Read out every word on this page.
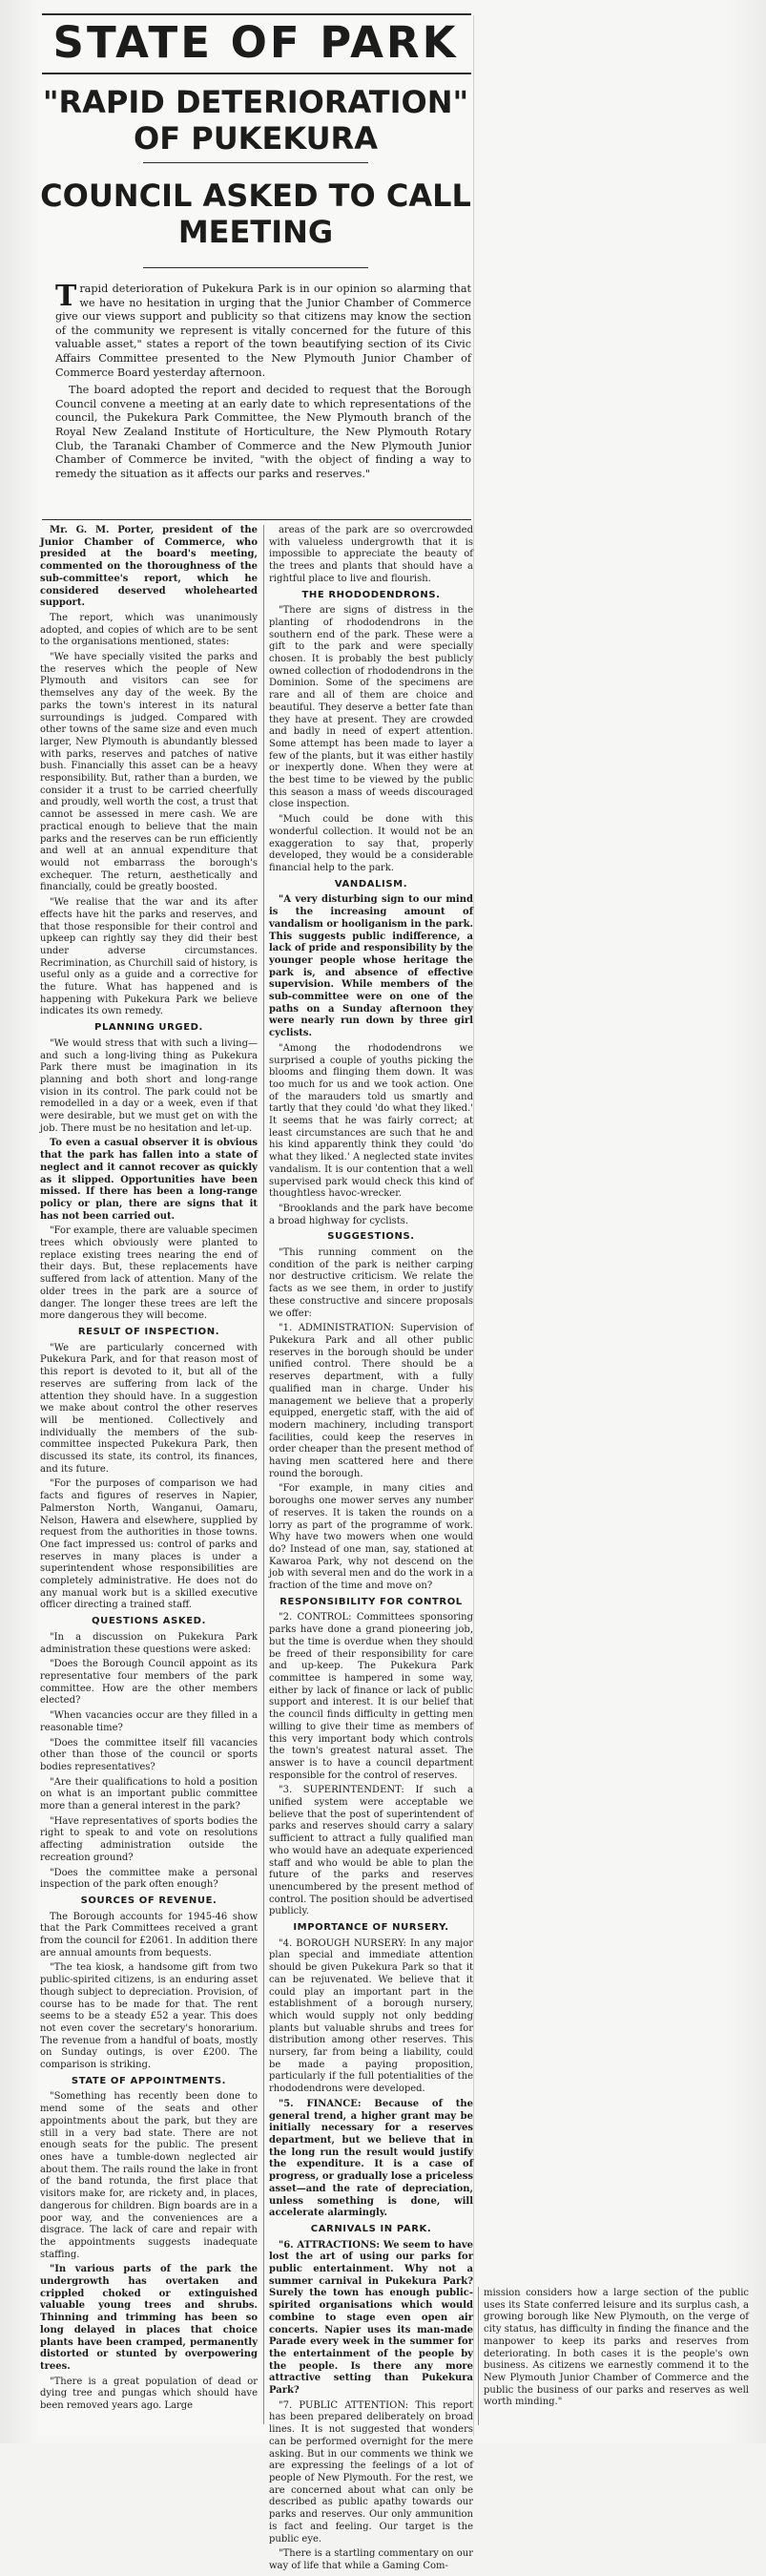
STATE OF PARK
"RAPID DETERIORATION" OF PUKEKURA
COUNCIL ASKED TO CALL MEETING

Trapid deterioration of Pukekura Park is in our opinion so alarming that we have no hesitation in urging that the Junior Chamber of Commerce give our views support and publicity so that citizens may know the section of the community we represent is vitally concerned for the future of this valuable asset," states a report of the town beautifying section of its Civic Affairs Committee presented to the New Plymouth Junior Chamber of Commerce Board yesterday afternoon.

The board adopted the report and decided to request that the Borough Council convene a meeting at an early date to which representations of the council, the Pukekura Park Committee, the New Plymouth branch of the Royal New Zealand Institute of Horticulture, the New Plymouth Rotary Club, the Taranaki Chamber of Commerce and the New Plymouth Junior Chamber of Commerce be invited, "with the object of finding a way to remedy the situation as it affects our parks and reserves."

Mr. G. M. Porter, president of the Junior Chamber of Commerce, who presided at the board's meeting, commented on the thoroughness of the sub-committee's report, which he considered deserved wholehearted support.

The report, which was unanimously adopted, and copies of which are to be sent to the organisations mentioned, states:

"We have specially visited the parks and the reserves which the people of New Plymouth and visitors can see for themselves any day of the week. By the parks the town's interest in its natural surroundings is judged. Compared with other towns of the same size and even much larger, New Plymouth is abundantly blessed with parks, reserves and patches of native bush. Financially this asset can be a heavy responsibility. But, rather than a burden, we consider it a trust to be carried cheerfully and proudly, well worth the cost, a trust that cannot be assessed in mere cash. We are practical enough to believe that the main parks and the reserves can be run efficiently and well at an annual expenditure that would not embarrass the borough's exchequer. The return, aesthetically and financially, could be greatly boosted.

"We realise that the war and its after effects have hit the parks and reserves, and that those responsible for their control and upkeep can rightly say they did their best under adverse circumstances. Recrimination, as Churchill said of history, is useful only as a guide and a corrective for the future. What has happened and is happening with Pukekura Park we believe indicates its own remedy.

PLANNING URGED.

"We would stress that with such a living—and such a long-living thing as Pukekura Park there must be imagination in its planning and both short and long-range vision in its control. The park could not be remodelled in a day or a week, even if that were desirable, but we must get on with the job. There must be no hesitation and let-up.

To even a casual observer it is obvious that the park has fallen into a state of neglect and it cannot recover as quickly as it slipped. Opportunities have been missed. If there has been a long-range policy or plan, there are signs that it has not been carried out.

"For example, there are valuable specimen trees which obviously were planted to replace existing trees nearing the end of their days. But, these replacements have suffered from lack of attention. Many of the older trees in the park are a source of danger. The longer these trees are left the more dangerous they will become.

RESULT OF INSPECTION.

"We are particularly concerned with Pukekura Park, and for that reason most of this report is devoted to it, but all of the reserves are suffering from lack of the attention they should have. In a suggestion we make about control the other reserves will be mentioned. Collectively and individually the members of the sub-committee inspected Pukekura Park, then discussed its state, its control, its finances, and its future.

"For the purposes of comparison we had facts and figures of reserves in Napier, Palmerston North, Wanganui, Oamaru, Nelson, Hawera and elsewhere, supplied by request from the authorities in those towns. One fact impressed us: control of parks and reserves in many places is under a superintendent whose responsibilities are completely administrative. He does not do any manual work but is a skilled executive officer directing a trained staff.

QUESTIONS ASKED.

"In a discussion on Pukekura Park administration these questions were asked:

"Does the Borough Council appoint as its representative four members of the park committee. How are the other members elected?

"When vacancies occur are they filled in a reasonable time?

"Does the committee itself fill vacancies other than those of the council or sports bodies representatives?

"Are their qualifications to hold a position on what is an important public committee more than a general interest in the park?

"Have representatives of sports bodies the right to speak to and vote on resolutions affecting administration outside the recreation ground?

"Does the committee make a personal inspection of the park often enough?

SOURCES OF REVENUE.

The Borough accounts for 1945-46 show that the Park Committees received a grant from the council for £2061. In addition there are annual amounts from bequests.

"The tea kiosk, a handsome gift from two public-spirited citizens, is an enduring asset though subject to depreciation. Provision, of course has to be made for that. The rent seems to be a steady £52 a year. This does not even cover the secretary's honorarium. The revenue from a handful of boats, mostly on Sunday outings, is over £200. The comparison is striking.

STATE OF APPOINTMENTS.

"Something has recently been done to mend some of the seats and other appointments about the park, but they are still in a very bad state. There are not enough seats for the public. The present ones have a tumble-down neglected air about them. The rails round the lake in front of the band rotunda, the first place that visitors make for, are rickety and, in places, dangerous for children. Bign boards are in a poor way, and the conveniences are a disgrace. The lack of care and repair with the appointments suggests inadequate staffing.

"In various parts of the park the undergrowth has overtaken and crippled choked or extinguished valuable young trees and shrubs. Thinning and trimming has been so long delayed in places that choice plants have been cramped, permanently distorted or stunted by overpowering trees.

"There is a great population of dead or dying tree and pungas which should have been removed years ago. Large

areas of the park are so overcrowded with valueless undergrowth that it is impossible to appreciate the beauty of the trees and plants that should have a rightful place to live and flourish.

THE RHODODENDRONS.

"There are signs of distress in the planting of rhododendrons in the southern end of the park. These were a gift to the park and were specially chosen. It is probably the best publicly owned collection of rhododendrons in the Dominion. Some of the specimens are rare and all of them are choice and beautiful. They deserve a better fate than they have at present. They are crowded and badly in need of expert attention. Some attempt has been made to layer a few of the plants, but it was either hastily or inexpertly done. When they were at the best time to be viewed by the public this season a mass of weeds discouraged close inspection.

"Much could be done with this wonderful collection. It would not be an exaggeration to say that, properly developed, they would be a considerable financial help to the park.

VANDALISM.

"A very disturbing sign to our mind is the increasing amount of vandalism or hooliganism in the park. This suggests public indifference, a lack of pride and responsibility by the younger people whose heritage the park is, and absence of effective supervision. While members of the sub-committee were on one of the paths on a Sunday afternoon they were nearly run down by three girl cyclists.

"Among the rhododendrons we surprised a couple of youths picking the blooms and flinging them down. It was too much for us and we took action. One of the marauders told us smartly and tartly that they could 'do what they liked.' It seems that he was fairly correct; at least circumstances are such that he and his kind apparently think they could 'do what they liked.' A neglected state invites vandalism. It is our contention that a well supervised park would check this kind of thoughtless havoc-wrecker.

"Brooklands and the park have become a broad highway for cyclists.

SUGGESTIONS.

"This running comment on the condition of the park is neither carping nor destructive criticism. We relate the facts as we see them, in order to justify these constructive and sincere proposals we offer:

"1. ADMINISTRATION: Supervision of Pukekura Park and all other public reserves in the borough should be under unified control. There should be a reserves department, with a fully qualified man in charge. Under his management we believe that a properly equipped, energetic staff, with the aid of modern machinery, including transport facilities, could keep the reserves in order cheaper than the present method of having men scattered here and there round the borough.

"For example, in many cities and boroughs one mower serves any number of reserves. It is taken the rounds on a lorry as part of the programme of work. Why have two mowers when one would do? Instead of one man, say, stationed at Kawaroa Park, why not descend on the job with several men and do the work in a fraction of the time and move on?

RESPONSIBILITY FOR CONTROL

"2. CONTROL: Committees sponsoring parks have done a grand pioneering job, but the time is overdue when they should be freed of their responsibility for care and up-keep. The Pukekura Park committee is hampered in some way, either by lack of finance or lack of public support and interest. It is our belief that the council finds difficulty in getting men willing to give their time as members of this very important body which controls the town's greatest natural asset. The answer is to have a council department responsible for the control of reserves.

"3. SUPERINTENDENT: If such a unified system were acceptable we believe that the post of superintendent of parks and reserves should carry a salary sufficient to attract a fully qualified man who would have an adequate experienced staff and who would be able to plan the future of the parks and reserves unencumbered by the present method of control. The position should be advertised publicly.

IMPORTANCE OF NURSERY.

"4. BOROUGH NURSERY: In any major plan special and immediate attention should be given Pukekura Park so that it can be rejuvenated. We believe that it could play an important part in the establishment of a borough nursery, which would supply not only bedding plants but valuable shrubs and trees for distribution among other reserves. This nursery, far from being a liability, could be made a paying proposition, particularly if the full potentialities of the rhododendrons were developed.

"5. FINANCE: Because of the general trend, a higher grant may be initially necessary for a reserves department, but we believe that in the long run the result would justify the expenditure. It is a case of progress, or gradually lose a priceless asset—and the rate of depreciation, unless something is done, will accelerate alarmingly.

CARNIVALS IN PARK.

"6. ATTRACTIONS: We seem to have lost the art of using our parks for public entertainment. Why not a summer carnival in Pukekura Park? Surely the town has enough public-spirited organisations which would combine to stage even open air concerts. Napier uses its man-made Parade every week in the summer for the entertainment of the people by the people. Is there any more attractive setting than Pukekura Park?

"7. PUBLIC ATTENTION: This report has been prepared deliberately on broad lines. It is not suggested that wonders can be performed overnight for the mere asking. But in our comments we think we are expressing the feelings of a lot of people of New Plymouth. For the rest, we are concerned about what can only be described as public apathy towards our parks and reserves. Our only ammunition is fact and feeling. Our target is the public eye.

"There is a startling commentary on our way of life that while a Gaming Com-

mission considers how a large section of the public uses its State conferred leisure and its surplus cash, a growing borough like New Plymouth, on the verge of city status, has difficulty in finding the finance and the manpower to keep its parks and reserves from deteriorating. In both cases it is the people's own business. As citizens we earnestly commend it to the New Plymouth Junior Chamber of Commerce and the public the business of our parks and reserves as well worth minding."
